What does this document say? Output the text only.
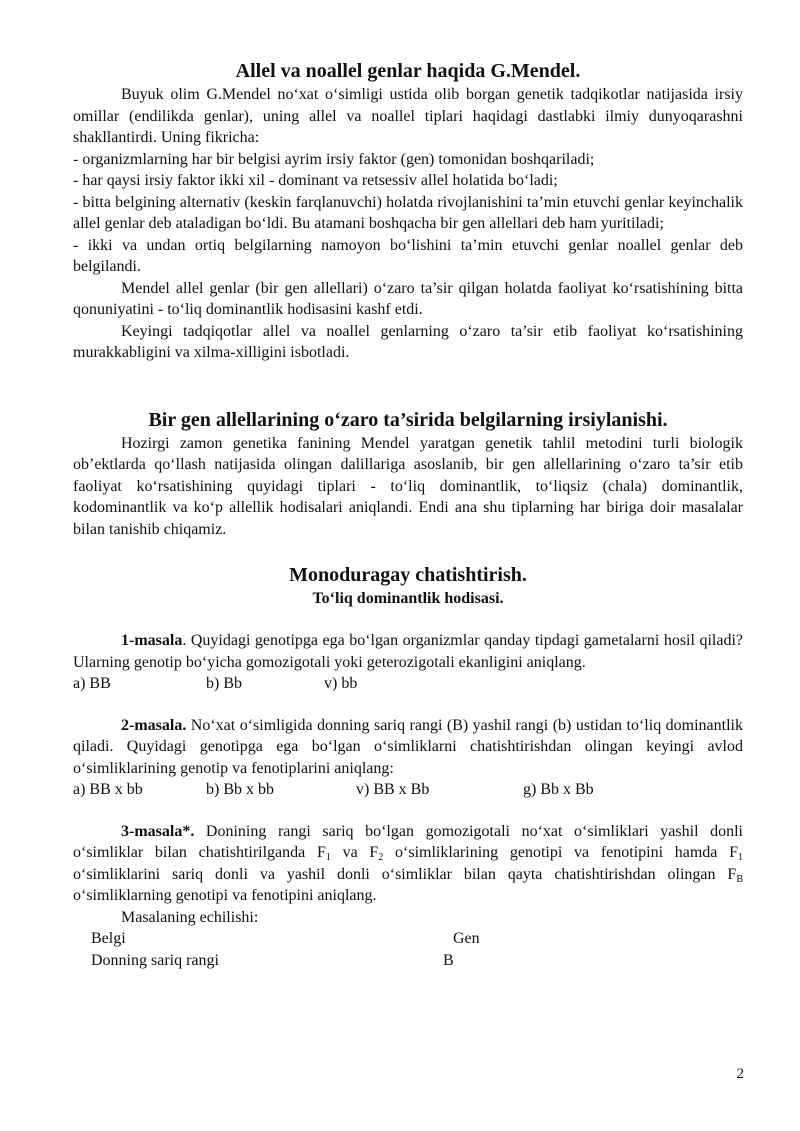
Allel va noallel genlar haqida G.Mendel.

Buyuk olim G.Mendel no‘xat o‘simligi ustida olib borgan genetik tadqikotlar natijasida irsiy omillar (endilikda genlar), uning allel va noallel tiplari haqidagi dastlabki ilmiy dunyoqarashni shakllantirdi. Uning fikricha:

- organizmlarning har bir belgisi ayrim irsiy faktor (gen) tomonidan boshqariladi;

- har qaysi irsiy faktor ikki xil - dominant va retsessiv allel holatida bo‘ladi;

- bitta belgining alternativ (keskin farqlanuvchi) holatda rivojlanishini ta’min etuvchi genlar keyinchalik allel genlar deb ataladigan bo‘ldi. Bu atamani boshqacha bir gen allellari deb ham yuritiladi;

- ikki va undan ortiq belgilarning namoyon bo‘lishini ta’min etuvchi genlar noallel genlar deb belgilandi.

Mendel allel genlar (bir gen allellari) o‘zaro ta’sir qilgan holatda faoliyat ko‘rsatishining bitta qonuniyatini - to‘liq dominantlik hodisasini kashf etdi.

Keyingi tadqiqotlar allel va noallel genlarning o‘zaro ta’sir etib faoliyat ko‘rsatishining murakkabligini va xilma-xilligini isbotladi.

Bir gen allellarining o‘zaro ta’sirida belgilarning irsiylanishi.

Hozirgi zamon genetika fanining Mendel yaratgan genetik tahlil metodini turli biologik ob’ektlarda qo‘llash natijasida olingan dalillariga asoslanib, bir gen allellarining o‘zaro ta’sir etib faoliyat ko‘rsatishining quyidagi tiplari - to‘liq dominantlik, to‘liqsiz (chala) dominantlik, kodominantlik va ko‘p allellik hodisalari aniqlandi. Endi ana shu tiplarning har biriga doir masalalar bilan tanishib chiqamiz.

Monoduragay chatishtirish.
To‘liq dominantlik hodisasi.

1-masala. Quyidagi genotipga ega bo‘lgan organizmlar qanday tipdagi gametalarni hosil qiladi? Ularning genotip bo‘yicha gomozigotali yoki geterozigotali ekanligini aniqlang.

a) BB	b) Bb	v) bb

2-masala. No‘xat o‘simligida donning sariq rangi (B) yashil rangi (b) ustidan to‘liq dominantlik qiladi. Quyidagi genotipga ega bo‘lgan o‘simliklarni chatishtirishdan olingan keyingi avlod o‘simliklarining genotip va fenotiplarini aniqlang:

a) BB x bb	b) Bb x bb	v) BB x Bb	g) Bb x Bb

3-masala*. Donining rangi sariq bo‘lgan gomozigotali no‘xat o‘simliklari yashil donli o‘simliklar bilan chatishtirilganda $F_1$ va $F_2$ o‘simliklarining genotipi va fenotipini hamda $F_1$ o‘simliklarini sariq donli va yashil donli o‘simliklar bilan qayta chatishtirishdan olingan $F_B$ o‘simliklarning genotipi va fenotipini aniqlang.

Masalaning echilishi:

Belgi	Gen
Donning sariq rangi	B
2
